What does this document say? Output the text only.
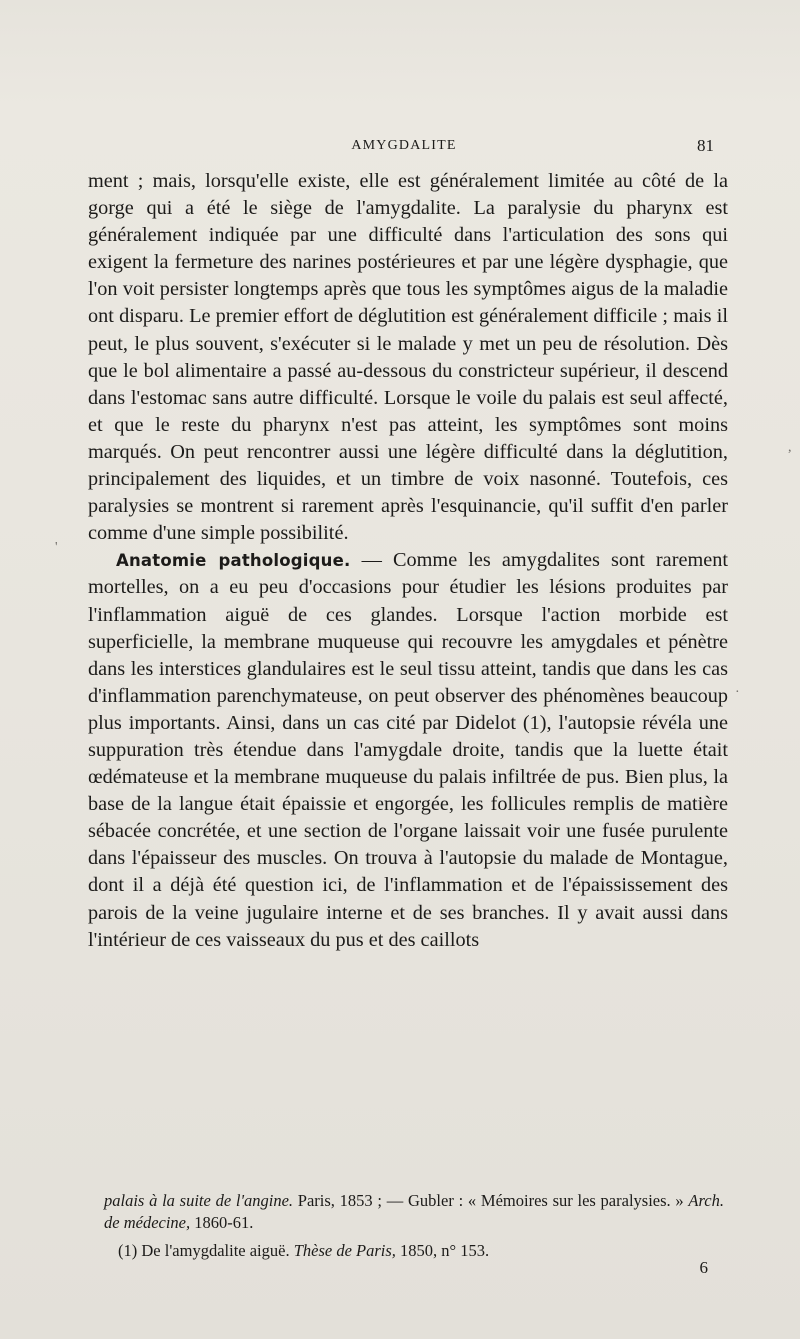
AMYGDALITE	81

ment ; mais, lorsqu'elle existe, elle est généralement limitée au côté de la gorge qui a été le siège de l'amygdalite. La paralysie du pharynx est généralement indiquée par une difficulté dans l'articulation des sons qui exigent la fermeture des narines postérieures et par une légère dysphagie, que l'on voit persister longtemps après que tous les symptômes aigus de la maladie ont disparu. Le premier effort de déglutition est généralement difficile ; mais il peut, le plus souvent, s'exécuter si le malade y met un peu de résolution. Dès que le bol alimentaire a passé au-dessous du constricteur supérieur, il descend dans l'estomac sans autre difficulté. Lorsque le voile du palais est seul affecté, et que le reste du pharynx n'est pas atteint, les symptômes sont moins marqués. On peut rencontrer aussi une légère difficulté dans la déglutition, principalement des liquides, et un timbre de voix nasonné. Toutefois, ces paralysies se montrent si rarement après l'esquinancie, qu'il suffit d'en parler comme d'une simple possibilité.

Anatomie pathologique. — Comme les amygdalites sont rarement mortelles, on a eu peu d'occasions pour étudier les lésions produites par l'inflammation aiguë de ces glandes. Lorsque l'action morbide est superficielle, la membrane muqueuse qui recouvre les amygdales et pénètre dans les interstices glandulaires est le seul tissu atteint, tandis que dans les cas d'inflammation parenchymateuse, on peut observer des phénomènes beaucoup plus importants. Ainsi, dans un cas cité par Didelot (1), l'autopsie révéla une suppuration très étendue dans l'amygdale droite, tandis que la luette était œdémateuse et la membrane muqueuse du palais infiltrée de pus. Bien plus, la base de la langue était épaissie et engorgée, les follicules remplis de matière sébacée concrétée, et une section de l'organe laissait voir une fusée purulente dans l'épaisseur des muscles. On trouva à l'autopsie du malade de Montague, dont il a déjà été question ici, de l'inflammation et de l'épaississement des parois de la veine jugulaire interne et de ses branches. Il y avait aussi dans l'intérieur de ces vaisseaux du pus et des caillots

palais à la suite de l'angine. Paris, 1853 ; — Gubler : « Mémoires sur les paralysies. » Arch. de médecine, 1860-61.

(1) De l'amygdalite aiguë. Thèse de Paris, 1850, n° 153.

6
,
'
·
